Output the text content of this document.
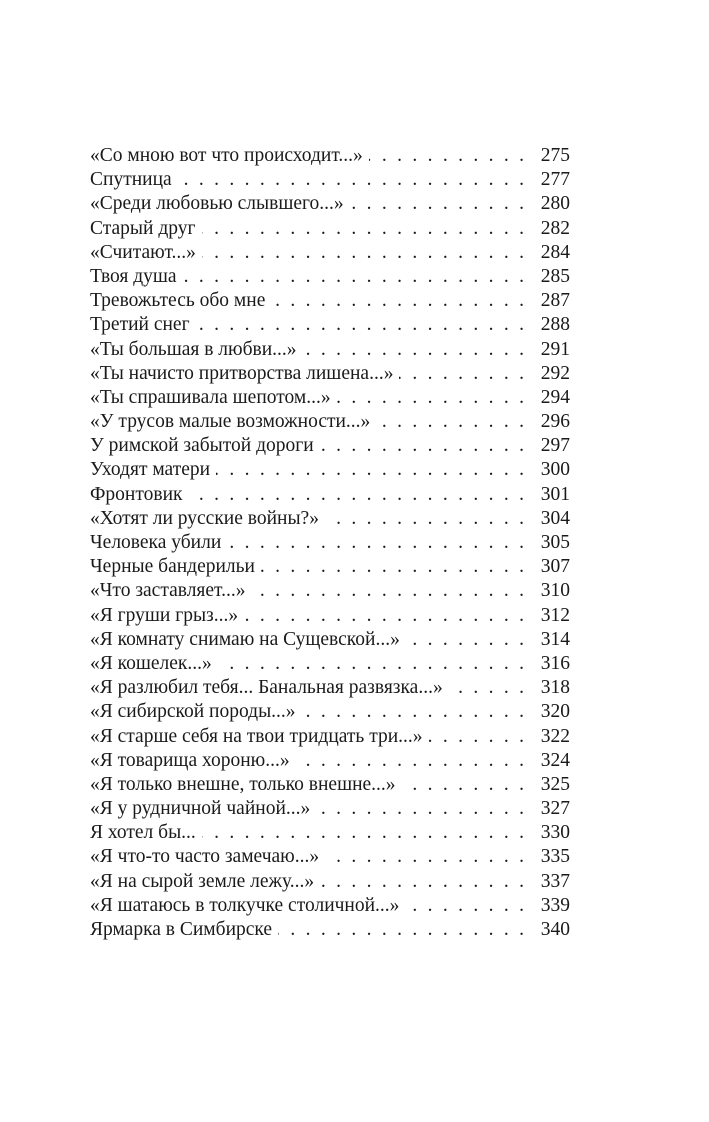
«Со мною вот что происходит...» . . .	275
Спутница . . .	277
«Среди любовью слывшего...» . . .	280
Старый друг . . .	282
«Считают...» . . .	284
Твоя душа . . .	285
Тревожьтесь обо мне . . .	287
Третий снег . . .	288
«Ты большая в любви...» . . .	291
«Ты начисто притворства лишена...» . . .	292
«Ты спрашивала шепотом...» . . .	294
«У трусов малые возможности...» . . .	296
У римской забытой дороги . . .	297
Уходят матери . . .	300
Фронтовик . . .	301
«Хотят ли русские войны?» . . .	304
Человека убили . . .	305
Черные бандерильи . . .	307
«Что заставляет...» . . .	310
«Я груши грыз...» . . .	312
«Я комнату снимаю на Сущевской...» . . .	314
«Я кошелек...» . . .	316
«Я разлюбил тебя... Банальная развязка...» . . .	318
«Я сибирской породы...» . . .	320
«Я старше себя на твои тридцать три...» . . .	322
«Я товарища хороню...» . . .	324
«Я только внешне, только внешне...» . . .	325
«Я у рудничной чайной...» . . .	327
Я хотел бы... . . .	330
«Я что-то часто замечаю...» . . .	335
«Я на сырой земле лежу...» . . .	337
«Я шатаюсь в толкучке столичной...» . . .	339
Ярмарка в Симбирске . . .	340
